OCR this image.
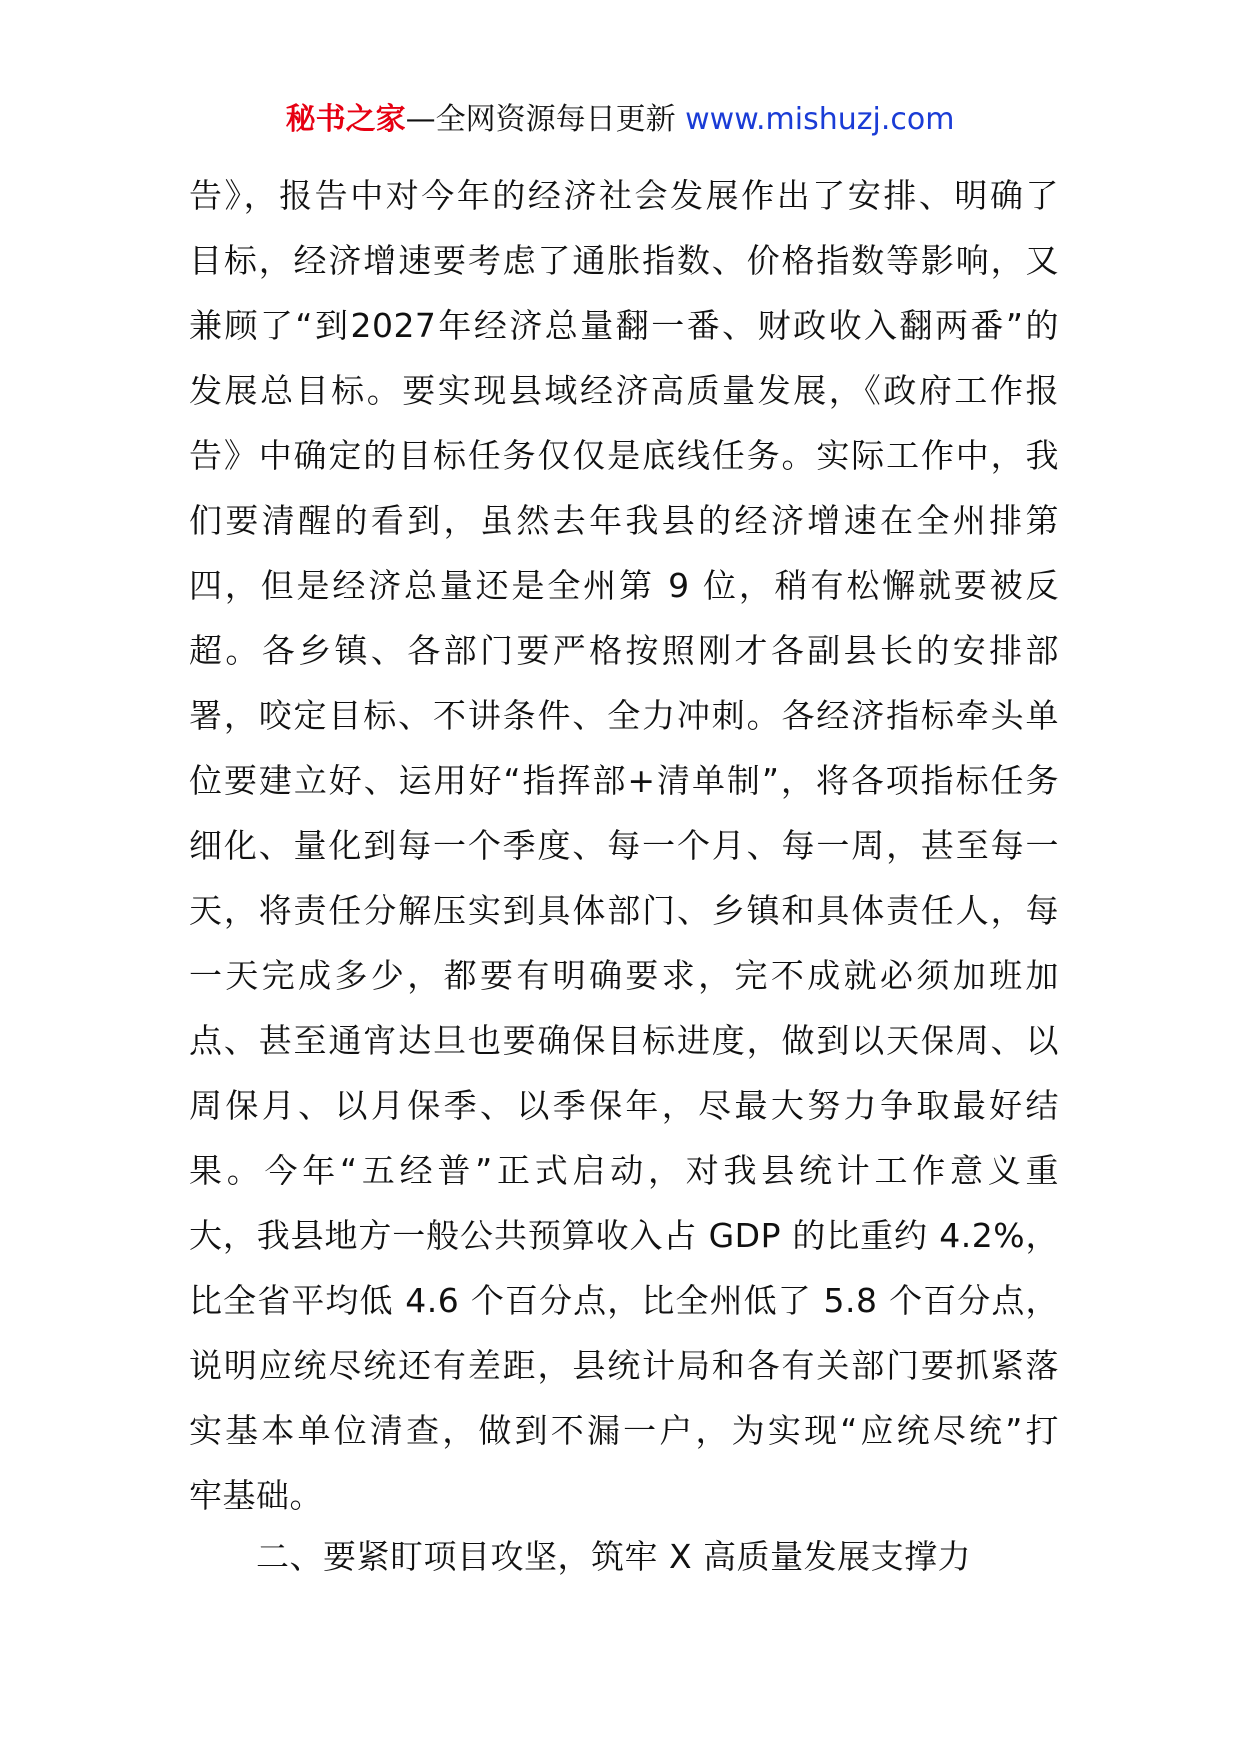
秘书之家—全网资源每日更新 www.mishuzj.com
告》，报告中对今年的经济社会发展作出了安排、明确了
目标，经济增速要考虑了通胀指数、价格指数等影响，又
兼顾了“到2027年经济总量翻一番、财政收入翻两番”的
发展总目标。要实现县域经济高质量发展，《政府工作报
告》中确定的目标任务仅仅是底线任务。实际工作中，我
们要清醒的看到，虽然去年我县的经济增速在全州排第
四，但是经济总量还是全州第 9 位，稍有松懈就要被反
超。各乡镇、各部门要严格按照刚才各副县长的安排部
署，咬定目标、不讲条件、全力冲刺。各经济指标牵头单
位要建立好、运用好“指挥部+清单制”，将各项指标任务
细化、量化到每一个季度、每一个月、每一周，甚至每一
天，将责任分解压实到具体部门、乡镇和具体责任人，每
一天完成多少，都要有明确要求，完不成就必须加班加
点、甚至通宵达旦也要确保目标进度，做到以天保周、以
周保月、以月保季、以季保年，尽最大努力争取最好结
果。今年“五经普”正式启动，对我县统计工作意义重
大，我县地方一般公共预算收入占 GDP 的比重约 4.2%，
比全省平均低 4.6 个百分点，比全州低了 5.8 个百分点，
说明应统尽统还有差距，县统计局和各有关部门要抓紧落
实基本单位清查，做到不漏一户，为实现“应统尽统”打
牢基础。
二、要紧盯项目攻坚，筑牢 X 高质量发展支撑力
